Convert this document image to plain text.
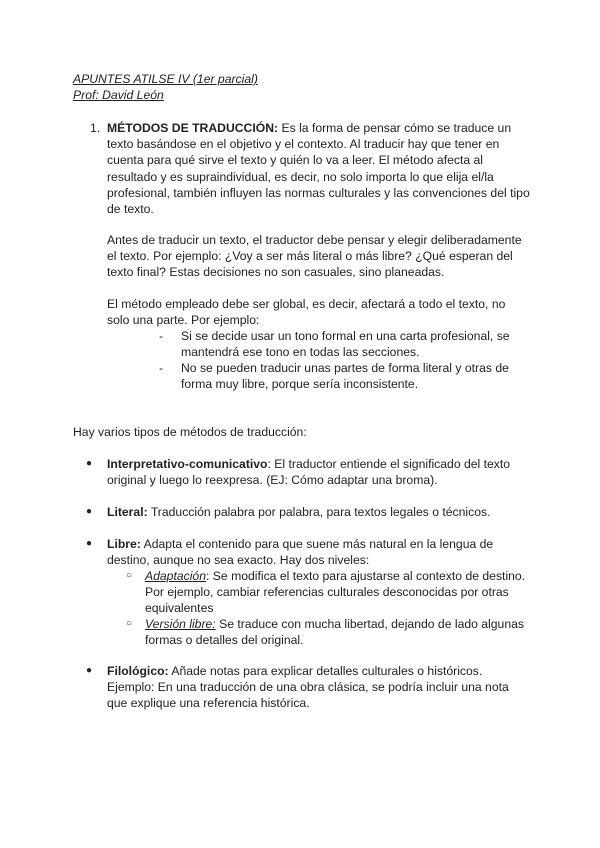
APUNTES ATILSE IV (1er parcial)
Prof: David León
1. MÉTODOS DE TRADUCCIÓN: Es la forma de pensar cómo se traduce un texto basándose en el objetivo y el contexto. Al traducir hay que tener en cuenta para qué sirve el texto y quién lo va a leer. El método afecta al resultado y es supraindividual, es decir, no solo importa lo que elija el/la profesional, también influyen las normas culturales y las convenciones del tipo de texto.
Antes de traducir un texto, el traductor debe pensar y elegir deliberadamente el texto. Por ejemplo: ¿Voy a ser más literal o más libre? ¿Qué esperan del texto final? Estas decisiones no son casuales, sino planeadas.
El método empleado debe ser global, es decir, afectará a todo el texto, no solo una parte. Por ejemplo:
- Si se decide usar un tono formal en una carta profesional, se mantendrá ese tono en todas las secciones.
- No se pueden traducir unas partes de forma literal y otras de forma muy libre, porque sería inconsistente.
Hay varios tipos de métodos de traducción:
● Interpretativo-comunicativo: El traductor entiende el significado del texto original y luego lo reexpresa. (EJ: Cómo adaptar una broma).
● Literal: Traducción palabra por palabra, para textos legales o técnicos.
● Libre: Adapta el contenido para que suene más natural en la lengua de destino, aunque no sea exacto. Hay dos niveles:
○ Adaptación: Se modifica el texto para ajustarse al contexto de destino. Por ejemplo, cambiar referencias culturales desconocidas por otras equivalentes
○ Versión libre: Se traduce con mucha libertad, dejando de lado algunas formas o detalles del original.
● Filológico: Añade notas para explicar detalles culturales o históricos. Ejemplo: En una traducción de una obra clásica, se podría incluir una nota que explique una referencia histórica.
